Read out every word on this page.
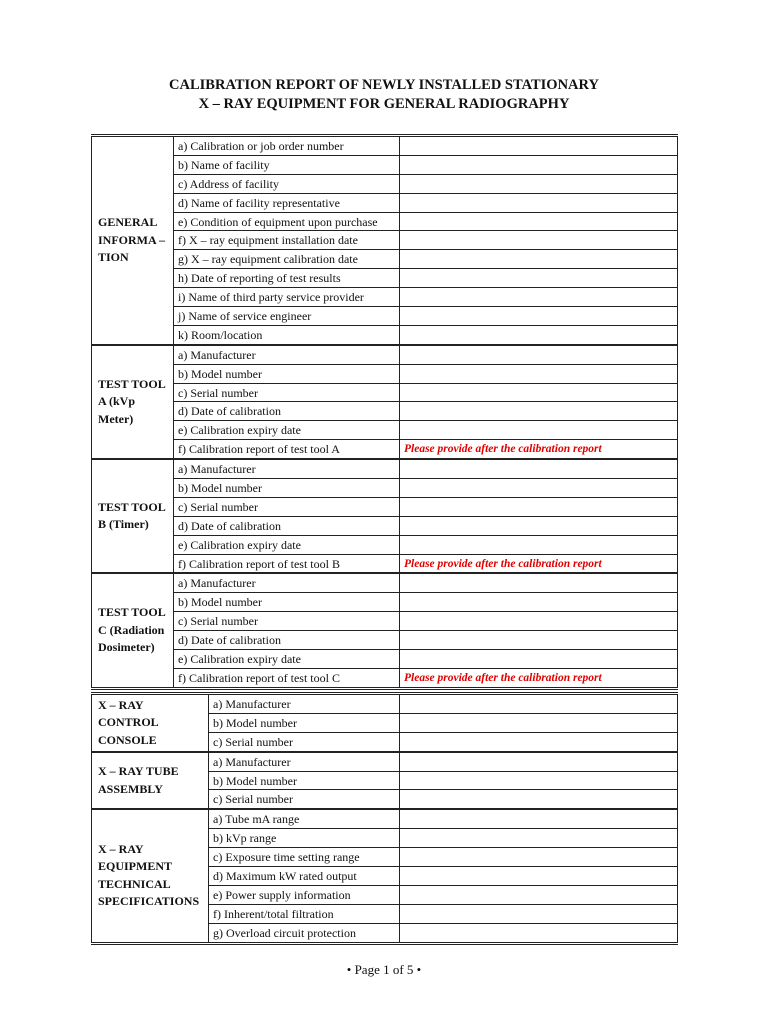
CALIBRATION REPORT OF NEWLY INSTALLED STATIONARY
X – RAY EQUIPMENT FOR GENERAL RADIOGRAPHY
GENERAL INFORMA – TION	a) Calibration or job order number	
	b) Name of facility	
	c) Address of facility	
	d) Name of facility representative	
	e) Condition of equipment upon purchase	
	f) X – ray equipment installation date	
	g) X – ray equipment calibration date	
	h) Date of reporting of test results	
	i) Name of third party service provider	
	j) Name of service engineer	
	k) Room/location	
TEST TOOL A (kVp Meter)	a) Manufacturer	
	b) Model number	
	c) Serial number	
	d) Date of calibration	
	e) Calibration expiry date	
	f) Calibration report of test tool A	Please provide after the calibration report
TEST TOOL B (Timer)	a) Manufacturer	
	b) Model number	
	c) Serial number	
	d) Date of calibration	
	e) Calibration expiry date	
	f) Calibration report of test tool B	Please provide after the calibration report
TEST TOOL C (Radiation Dosimeter)	a) Manufacturer	
	b) Model number	
	c) Serial number	
	d) Date of calibration	
	e) Calibration expiry date	
	f) Calibration report of test tool C	Please provide after the calibration report
X – RAY CONTROL CONSOLE	a) Manufacturer	
	b) Model number	
	c) Serial number	
X – RAY TUBE ASSEMBLY	a) Manufacturer	
	b) Model number	
	c) Serial number	
X – RAY EQUIPMENT TECHNICAL SPECIFICATIONS	a) Tube mA range	
	b) kVp range	
	c) Exposure time setting range	
	d) Maximum kW rated output	
	e) Power supply information	
	f) Inherent/total filtration	
	g) Overload circuit protection	
• Page 1 of 5 •
